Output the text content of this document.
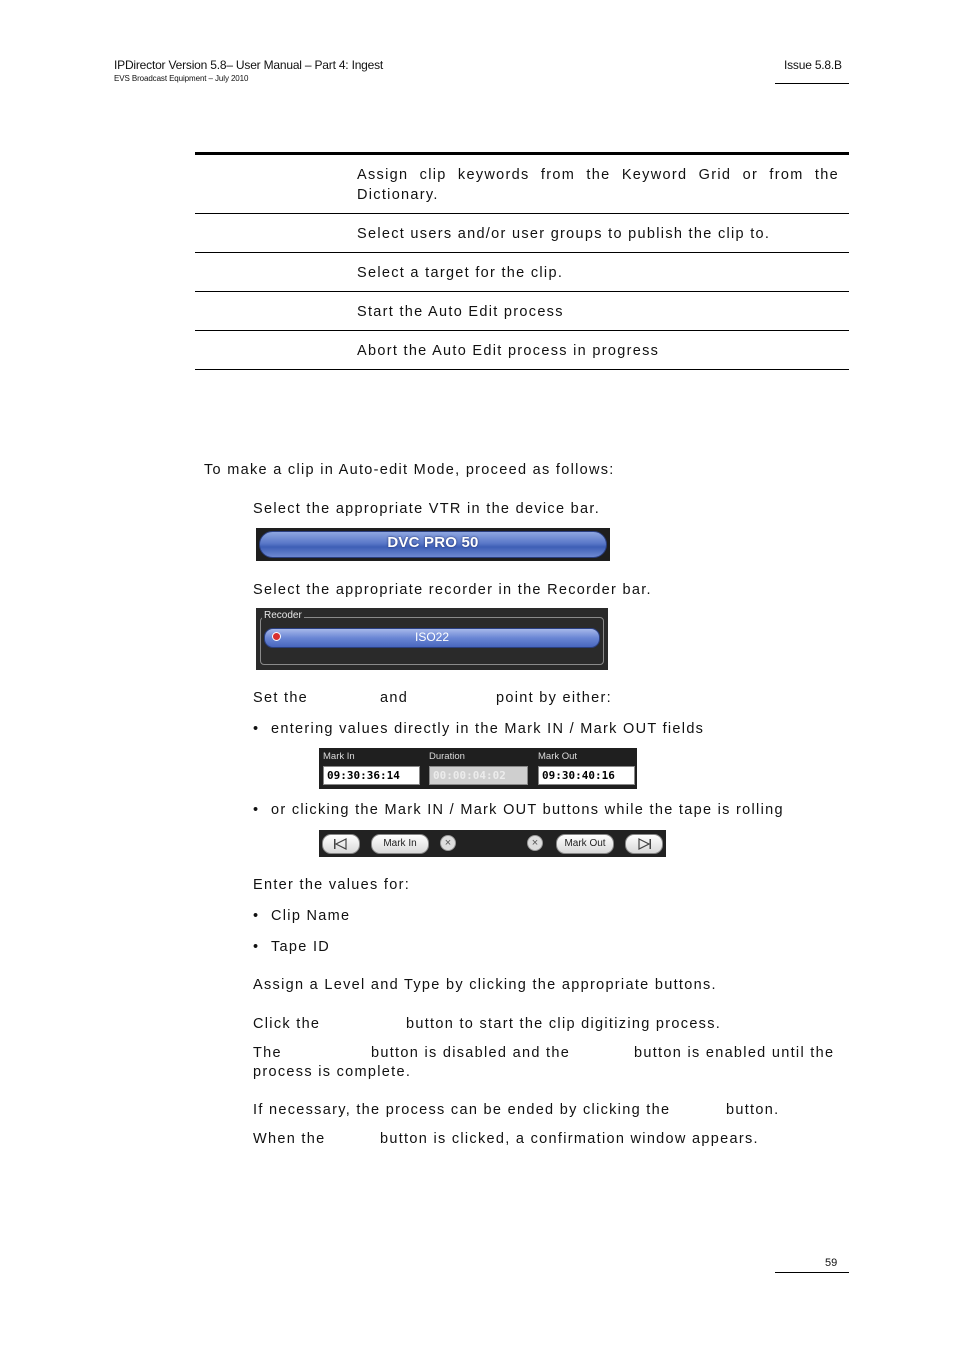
IPDirector Version 5.8– User Manual – Part 4: Ingest
EVS Broadcast Equipment – July 2010
Issue 5.8.B
Assign clip keywords from the Keyword Grid or from the Dictionary.
Select users and/or user groups to publish the clip to.
Select a target for the clip.
Start the Auto Edit process
Abort the Auto Edit process in progress
To make a clip in Auto-edit Mode, proceed as follows:
Select the appropriate VTR in the device bar.
DVC PRO 50
Select the appropriate recorder in the Recorder bar.
Recoder
ISO22
Set the	and	point by either:
• entering values directly in the Mark IN / Mark OUT fields
Mark In
09:30:36:14
Duration
00:00:04:02
Mark Out
09:30:40:16
• or clicking the Mark IN / Mark OUT buttons while the tape is rolling
Mark In	×	×	Mark Out
Enter the values for:
• Clip Name
• Tape ID
Assign a Level and Type by clicking the appropriate buttons.
Click the	button to start the clip digitizing process.
The	button is disabled and the	button is enabled until the
process is complete.
If necessary, the process can be ended by clicking the	button.
When the	button is clicked, a confirmation window appears.
59
